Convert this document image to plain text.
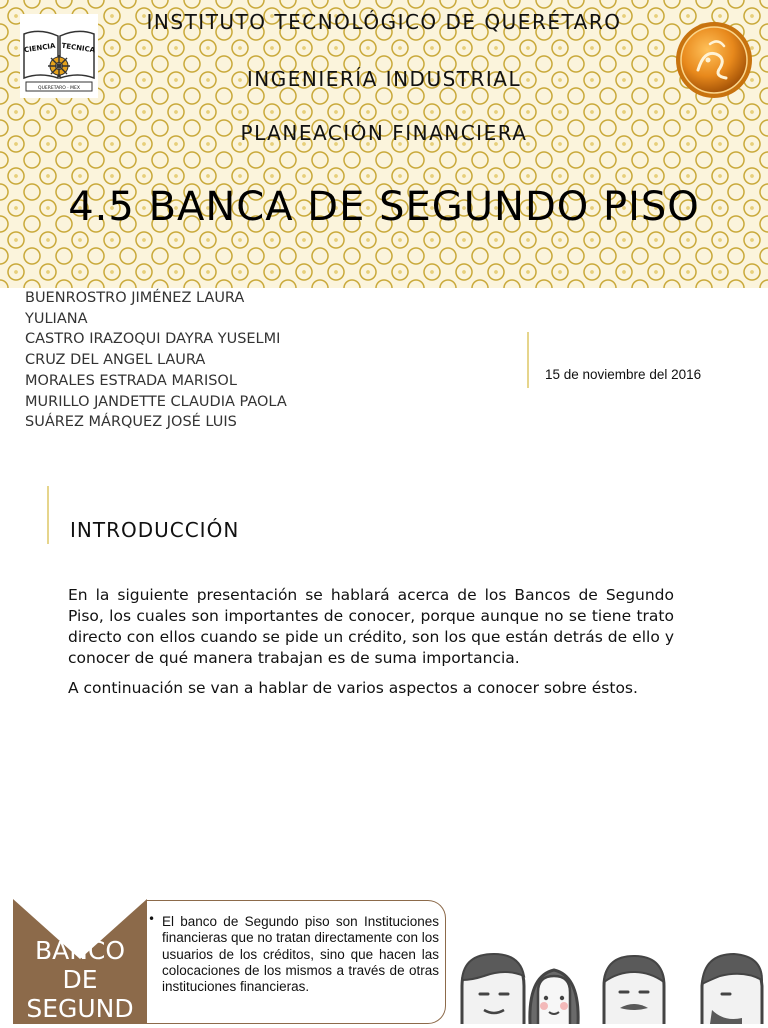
CIENCIA TECNICA
QUERETARO · MEX
INSTITUTO TECNOLÓGICO DE QUERÉTARO
INGENIERÍA INDUSTRIAL
PLANEACIÓN FINANCIERA
4.5 BANCA DE SEGUNDO PISO
BUENROSTRO JIMÉNEZ LAURA
YULIANA
CASTRO IRAZOQUI DAYRA YUSELMI
CRUZ DEL ANGEL LAURA
MORALES ESTRADA MARISOL
MURILLO JANDETTE CLAUDIA PAOLA
SUÁREZ MÁRQUEZ JOSÉ LUIS
15 de noviembre del 2016
INTRODUCCIÓN

En la siguiente presentación se hablará acerca de los Bancos de Segundo Piso, los cuales son importantes de conocer, porque aunque no se tiene trato directo con ellos cuando se pide un crédito, son los que están detrás de ello y conocer de qué manera trabajan es de suma importancia.

A continuación se van a hablar de varios aspectos a conocer sobre éstos.

BANCO
DE
SEGUND
• El banco de Segundo piso son Instituciones financieras que no tratan directamente con los usuarios de los créditos, sino que hacen las colocaciones de los mismos a través de otras instituciones financieras.
